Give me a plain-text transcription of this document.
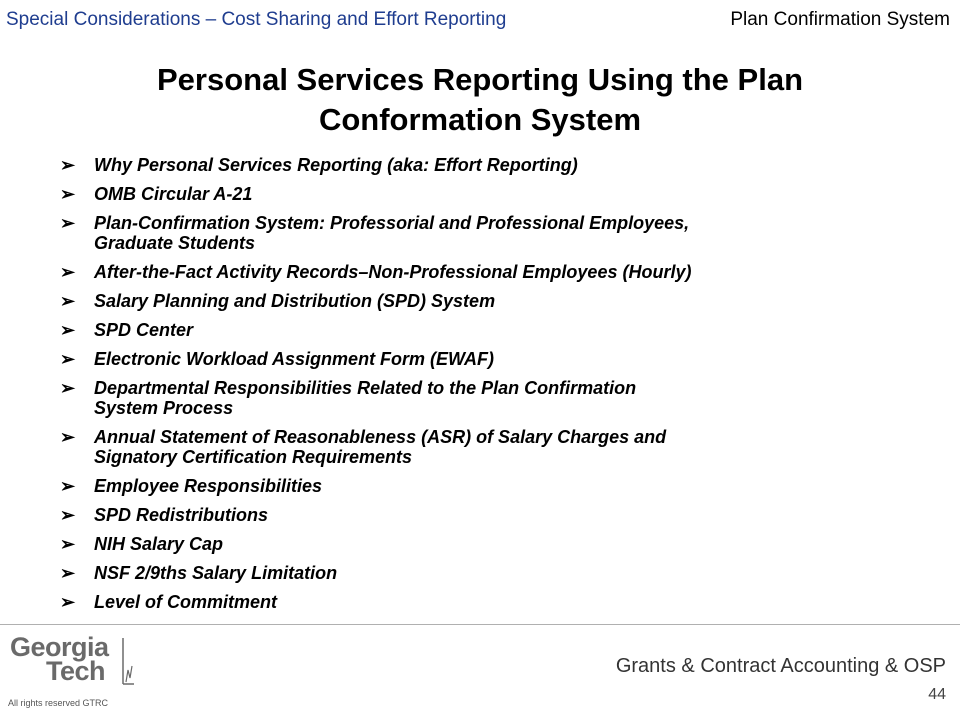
Special Considerations – Cost Sharing and Effort Reporting	Plan Confirmation System
Personal Services Reporting Using the Plan
Conformation System
➢ Why Personal Services Reporting (aka: Effort Reporting)
➢ OMB Circular A-21
➢ Plan-Confirmation System: Professorial and Professional Employees,
Graduate Students
➢ After-the-Fact Activity Records–Non-Professional Employees (Hourly)
➢ Salary Planning and Distribution (SPD) System
➢ SPD Center
➢ Electronic Workload Assignment Form (EWAF)
➢ Departmental Responsibilities Related to the Plan Confirmation
System Process
➢ Annual Statement of Reasonableness (ASR) of Salary Charges and
Signatory Certification Requirements
➢ Employee Responsibilities
➢ SPD Redistributions
➢ NIH Salary Cap
➢ NSF 2/9ths Salary Limitation
➢ Level of Commitment
Georgia
Tech	Grants & Contract Accounting & OSP
All rights reserved GTRC	44
